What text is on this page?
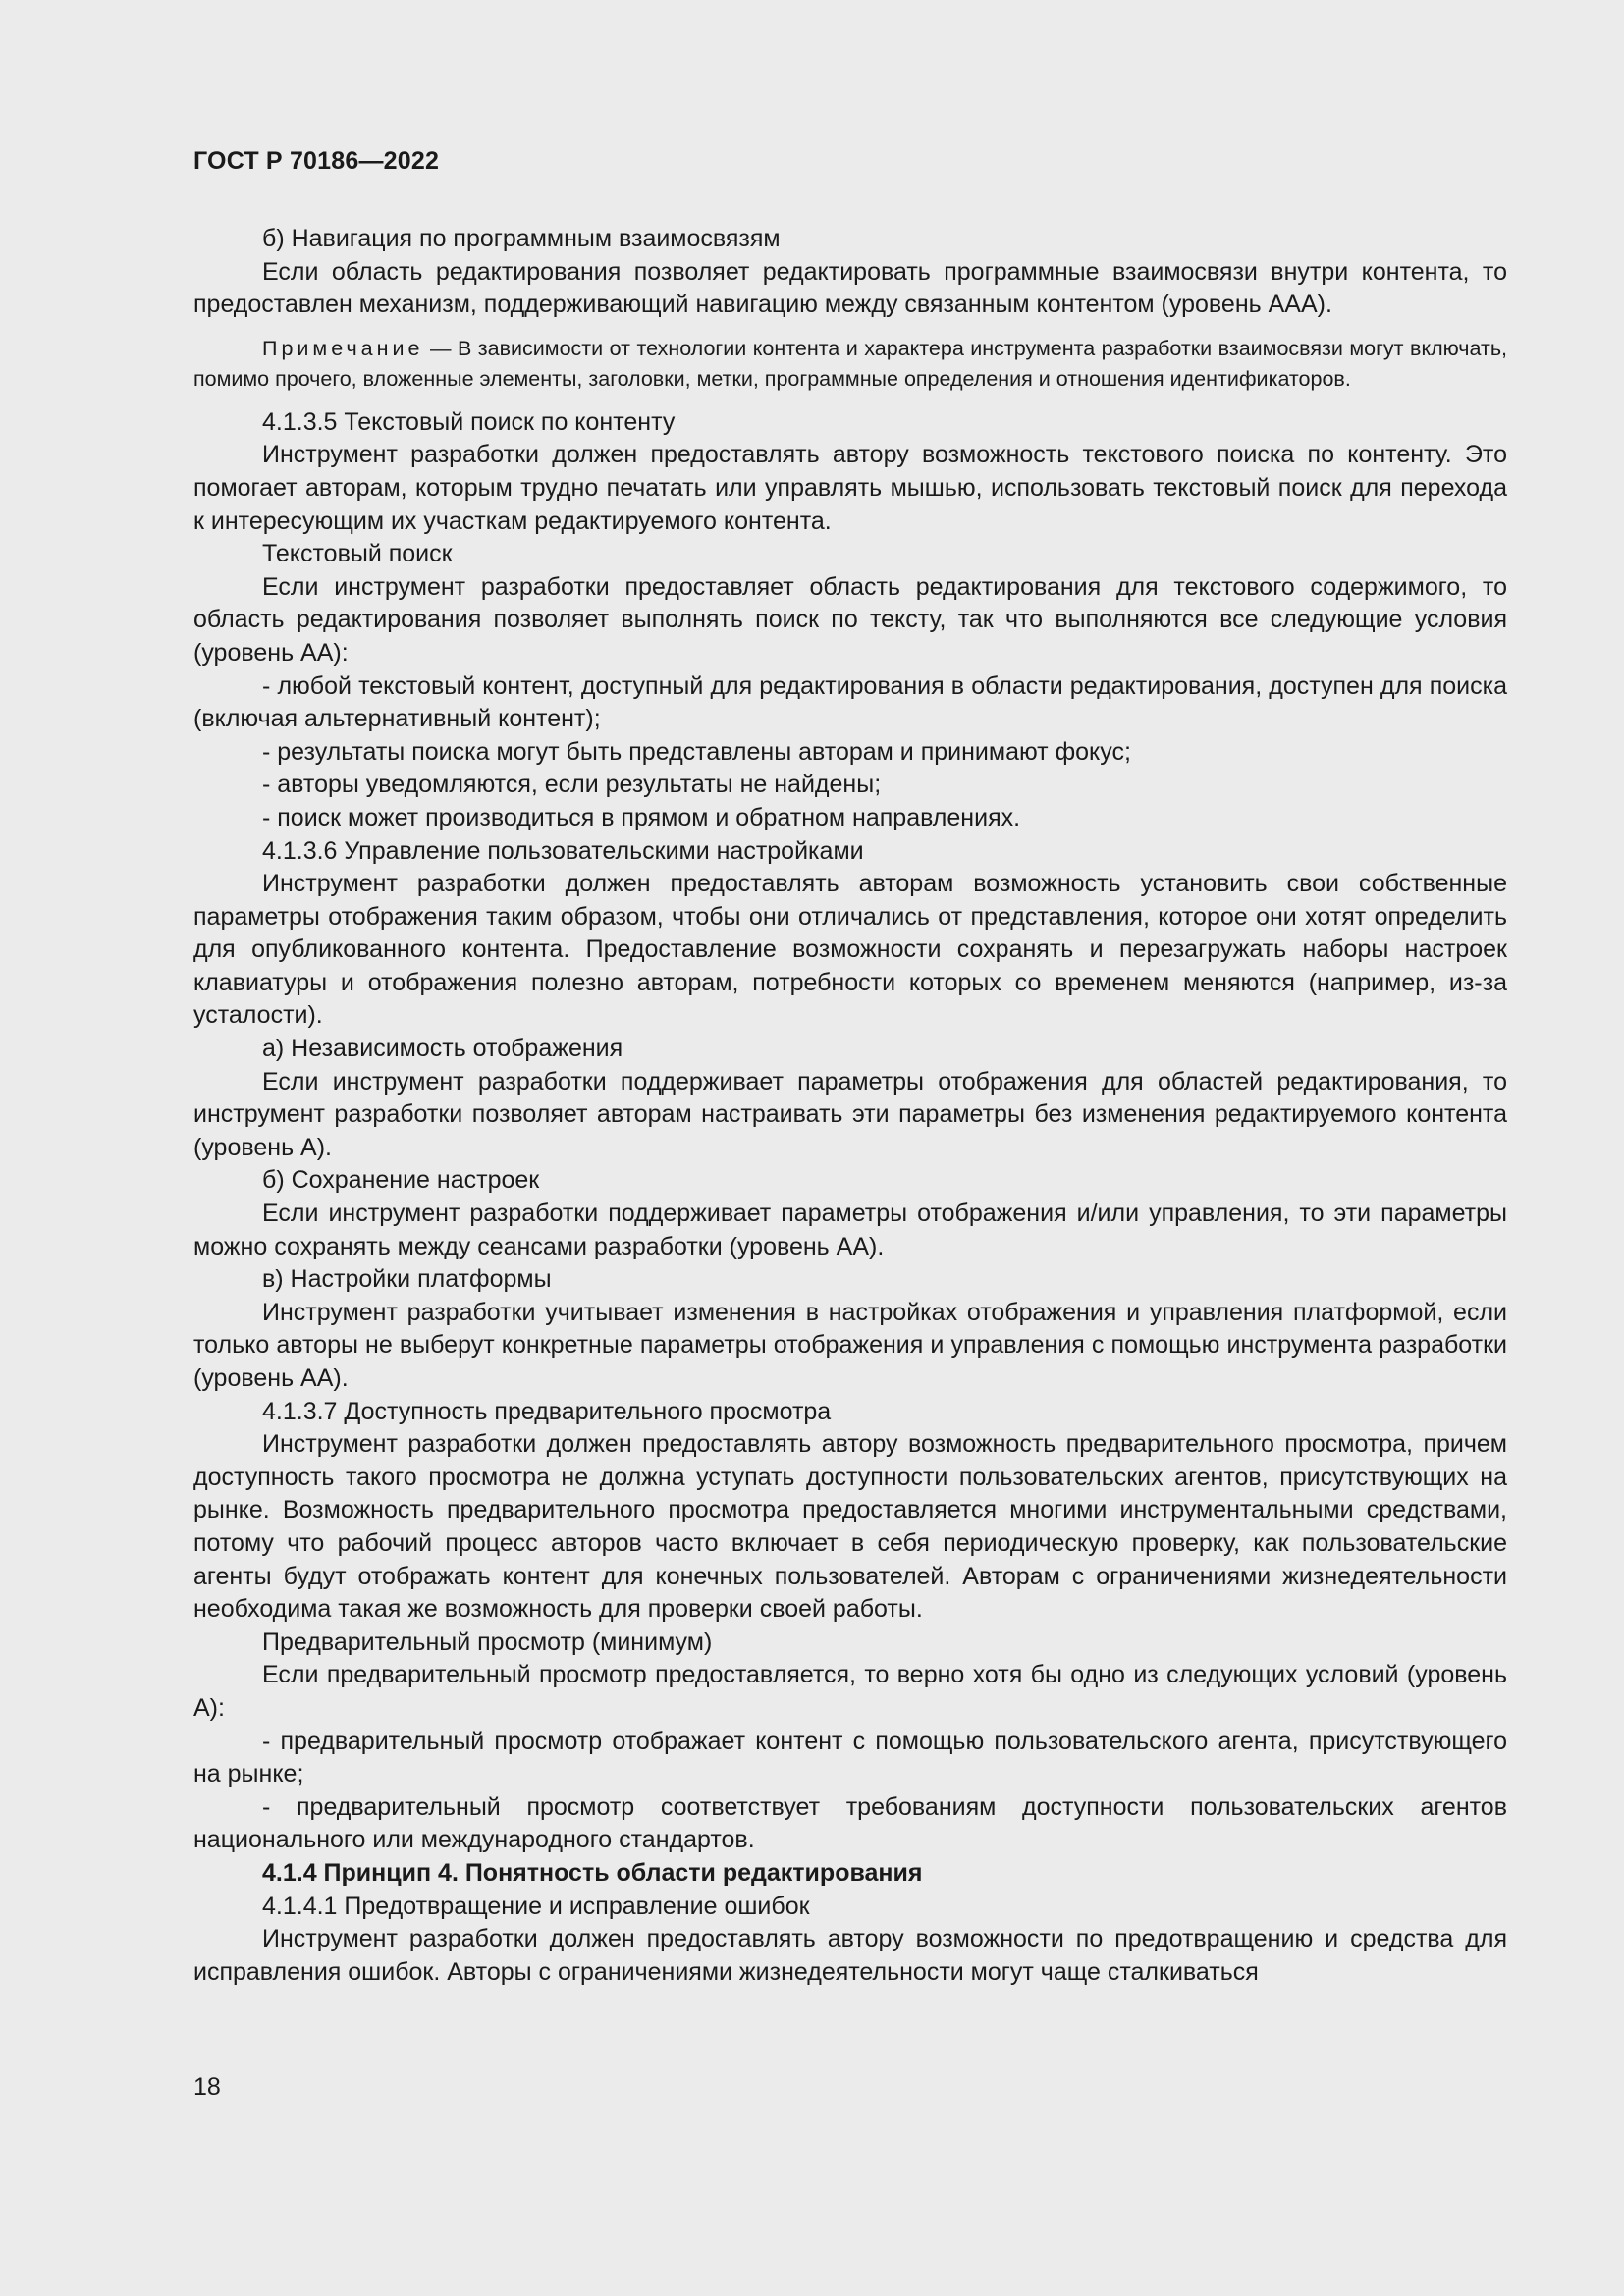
ГОСТ Р 70186—2022

б) Навигация по программным взаимосвязям

Если область редактирования позволяет редактировать программные взаимосвязи внутри контента, то предоставлен механизм, поддерживающий навигацию между связанным контентом (уровень ААА).

Примечание — В зависимости от технологии контента и характера инструмента разработки взаимосвязи могут включать, помимо прочего, вложенные элементы, заголовки, метки, программные определения и отношения идентификаторов.

4.1.3.5 Текстовый поиск по контенту

Инструмент разработки должен предоставлять автору возможность текстового поиска по контенту. Это помогает авторам, которым трудно печатать или управлять мышью, использовать текстовый поиск для перехода к интересующим их участкам редактируемого контента.

Текстовый поиск

Если инструмент разработки предоставляет область редактирования для текстового содержимого, то область редактирования позволяет выполнять поиск по тексту, так что выполняются все следующие условия (уровень АА):

- любой текстовый контент, доступный для редактирования в области редактирования, доступен для поиска (включая альтернативный контент);

- результаты поиска могут быть представлены авторам и принимают фокус;

- авторы уведомляются, если результаты не найдены;

- поиск может производиться в прямом и обратном направлениях.

4.1.3.6 Управление пользовательскими настройками

Инструмент разработки должен предоставлять авторам возможность установить свои собственные параметры отображения таким образом, чтобы они отличались от представления, которое они хотят определить для опубликованного контента. Предоставление возможности сохранять и перезагружать наборы настроек клавиатуры и отображения полезно авторам, потребности которых со временем меняются (например, из-за усталости).

а) Независимость отображения

Если инструмент разработки поддерживает параметры отображения для областей редактирования, то инструмент разработки позволяет авторам настраивать эти параметры без изменения редактируемого контента (уровень А).

б) Сохранение настроек

Если инструмент разработки поддерживает параметры отображения и/или управления, то эти параметры можно сохранять между сеансами разработки (уровень АА).

в) Настройки платформы

Инструмент разработки учитывает изменения в настройках отображения и управления платформой, если только авторы не выберут конкретные параметры отображения и управления с помощью инструмента разработки (уровень АА).

4.1.3.7 Доступность предварительного просмотра

Инструмент разработки должен предоставлять автору возможность предварительного просмотра, причем доступность такого просмотра не должна уступать доступности пользовательских агентов, присутствующих на рынке. Возможность предварительного просмотра предоставляется многими инструментальными средствами, потому что рабочий процесс авторов часто включает в себя периодическую проверку, как пользовательские агенты будут отображать контент для конечных пользователей. Авторам с ограничениями жизнедеятельности необходима такая же возможность для проверки своей работы.

Предварительный просмотр (минимум)

Если предварительный просмотр предоставляется, то верно хотя бы одно из следующих условий (уровень А):

- предварительный просмотр отображает контент с помощью пользовательского агента, присутствующего на рынке;

- предварительный просмотр соответствует требованиям доступности пользовательских агентов национального или международного стандартов.

4.1.4 Принцип 4. Понятность области редактирования

4.1.4.1 Предотвращение и исправление ошибок

Инструмент разработки должен предоставлять автору возможности по предотвращению и средства для исправления ошибок. Авторы с ограничениями жизнедеятельности могут чаще сталкиваться

18
